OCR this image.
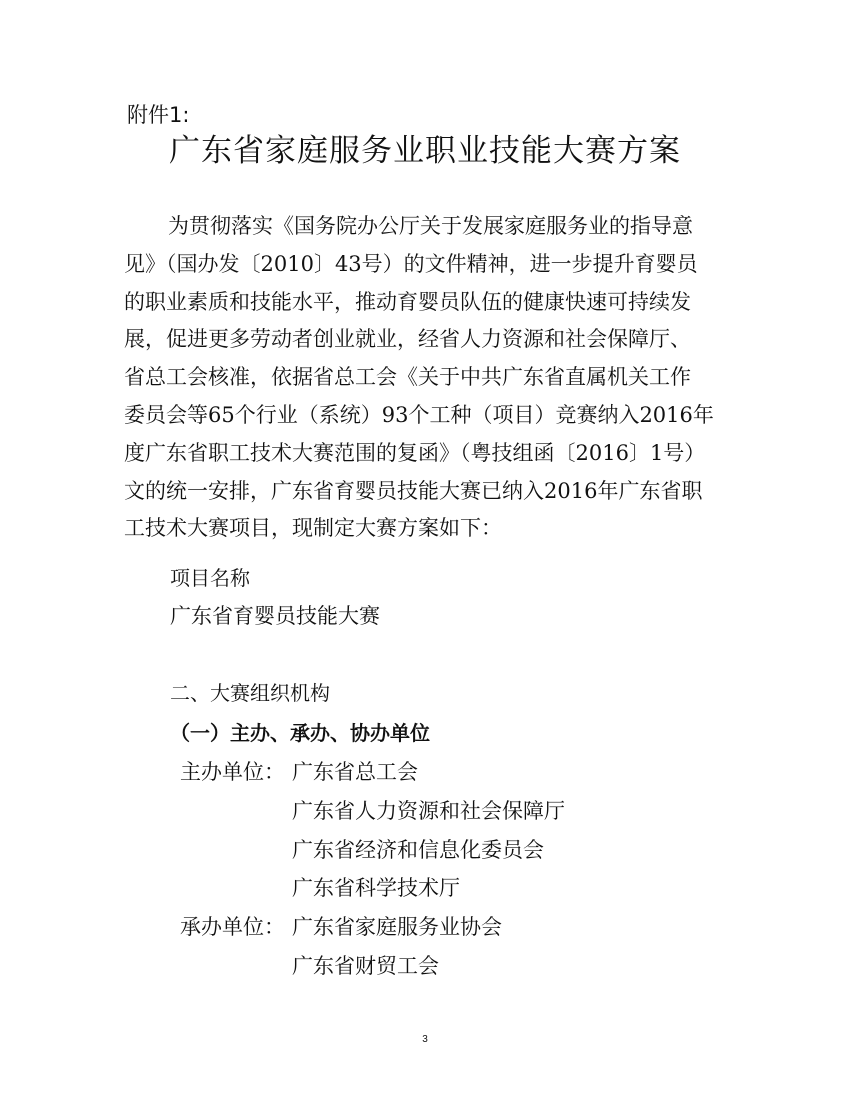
附件1:
广东省家庭服务业职业技能大赛方案
为贯彻落实《国务院办公厅关于发展家庭服务业的指导意
见》（国办发〔2010〕43号）的文件精神，进一步提升育婴员
的职业素质和技能水平，推动育婴员队伍的健康快速可持续发
展，促进更多劳动者创业就业，经省人力资源和社会保障厅、
省总工会核准，依据省总工会《关于中共广东省直属机关工作
委员会等65个行业（系统）93个工种（项目）竞赛纳入2016年
度广东省职工技术大赛范围的复函》（粤技组函〔2016〕1号）
文的统一安排，广东省育婴员技能大赛已纳入2016年广东省职
工技术大赛项目，现制定大赛方案如下：
项目名称
广东省育婴员技能大赛
二、大赛组织机构
（一）主办、承办、协办单位
主办单位： 广东省总工会
广东省人力资源和社会保障厅
广东省经济和信息化委员会
广东省科学技术厅
承办单位： 广东省家庭服务业协会
广东省财贸工会
3
